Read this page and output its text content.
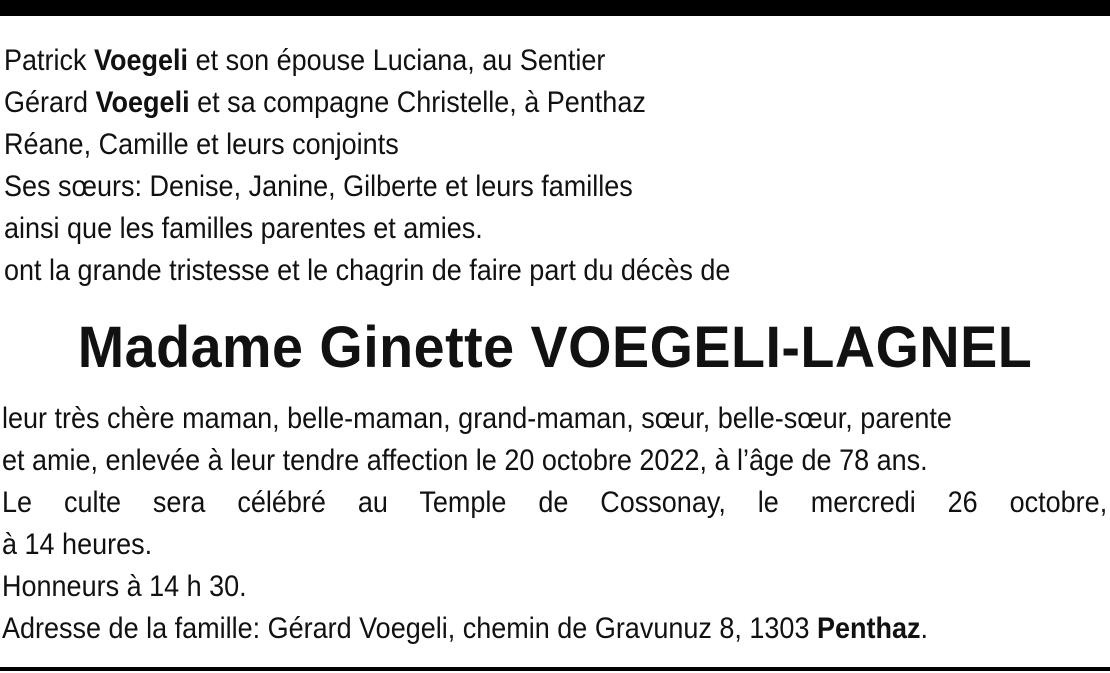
Patrick Voegeli et son épouse Luciana, au Sentier
Gérard Voegeli et sa compagne Christelle, à Penthaz
Réane, Camille et leurs conjoints
Ses sœurs: Denise, Janine, Gilberte et leurs familles
ainsi que les familles parentes et amies.
ont la grande tristesse et le chagrin de faire part du décès de
Madame Ginette VOEGELI-LAGNEL
leur très chère maman, belle-maman, grand-maman, sœur, belle-sœur, parente
et amie, enlevée à leur tendre affection le 20 octobre 2022, à l’âge de 78 ans.
Le culte sera célébré au Temple de Cossonay, le mercredi 26 octobre,
à 14 heures.
Honneurs à 14 h 30.
Adresse de la famille: Gérard Voegeli, chemin de Gravunuz 8, 1303 Penthaz.
